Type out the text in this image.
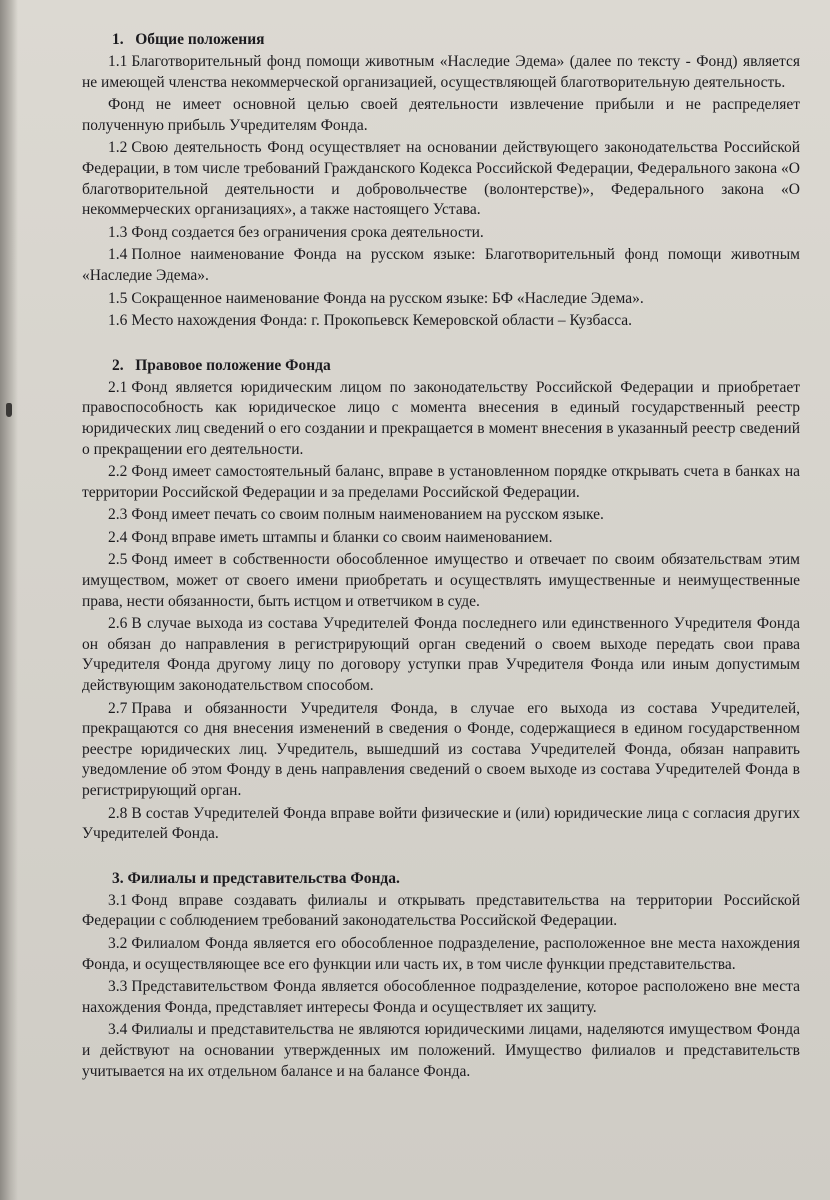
1.   Общие положения

1.1 Благотворительный фонд помощи животным «Наследие Эдема» (далее по тексту - Фонд) является не имеющей членства некоммерческой организацией, осуществляющей благотворительную деятельность.

Фонд не имеет основной целью своей деятельности извлечение прибыли и не распределяет полученную прибыль Учредителям Фонда.

1.2 Свою деятельность Фонд осуществляет на основании действующего законодательства Российской Федерации, в том числе требований Гражданского Кодекса Российской Федерации, Федерального закона «О благотворительной деятельности и добровольчестве (волонтерстве)», Федерального закона «О некоммерческих организациях», а также настоящего Устава.

1.3 Фонд создается без ограничения срока деятельности.

1.4 Полное наименование Фонда на русском языке: Благотворительный фонд помощи животным «Наследие Эдема».

1.5 Сокращенное наименование Фонда на русском языке: БФ «Наследие Эдема».

1.6 Место нахождения Фонда: г. Прокопьевск Кемеровской области – Кузбасса.

2.   Правовое положение Фонда

2.1 Фонд является юридическим лицом по законодательству Российской Федерации и приобретает правоспособность как юридическое лицо с момента внесения в единый государственный реестр юридических лиц сведений о его создании и прекращается в момент внесения в указанный реестр сведений о прекращении его деятельности.

2.2 Фонд имеет самостоятельный баланс, вправе в установленном порядке открывать счета в банках на территории Российской Федерации и за пределами Российской Федерации.

2.3 Фонд имеет печать со своим полным наименованием на русском языке.

2.4 Фонд вправе иметь штампы и бланки со своим наименованием.

2.5 Фонд имеет в собственности обособленное имущество и отвечает по своим обязательствам этим имуществом, может от своего имени приобретать и осуществлять имущественные и неимущественные права, нести обязанности, быть истцом и ответчиком в суде.

2.6 В случае выхода из состава Учредителей Фонда последнего или единственного Учредителя Фонда он обязан до направления в регистрирующий орган сведений о своем выходе передать свои права Учредителя Фонда другому лицу по договору уступки прав Учредителя Фонда или иным допустимым действующим законодательством способом.

2.7 Права и обязанности Учредителя Фонда, в случае его выхода из состава Учредителей, прекращаются со дня внесения изменений в сведения о Фонде, содержащиеся в едином государственном реестре юридических лиц. Учредитель, вышедший из состава Учредителей Фонда, обязан направить уведомление об этом Фонду в день направления сведений о своем выходе из состава Учредителей Фонда в регистрирующий орган.

2.8 В состав Учредителей Фонда вправе войти физические и (или) юридические лица с согласия других Учредителей Фонда.

3. Филиалы и представительства Фонда.

3.1 Фонд вправе создавать филиалы и открывать представительства на территории Российской Федерации с соблюдением требований законодательства Российской Федерации.

3.2 Филиалом Фонда является его обособленное подразделение, расположенное вне места нахождения Фонда, и осуществляющее все его функции или часть их, в том числе функции представительства.

3.3 Представительством Фонда является обособленное подразделение, которое расположено вне места нахождения Фонда, представляет интересы Фонда и осуществляет их защиту.

3.4 Филиалы и представительства не являются юридическими лицами, наделяются имуществом Фонда и действуют на основании утвержденных им положений. Имущество филиалов и представительств учитывается на их отдельном балансе и на балансе Фонда.
